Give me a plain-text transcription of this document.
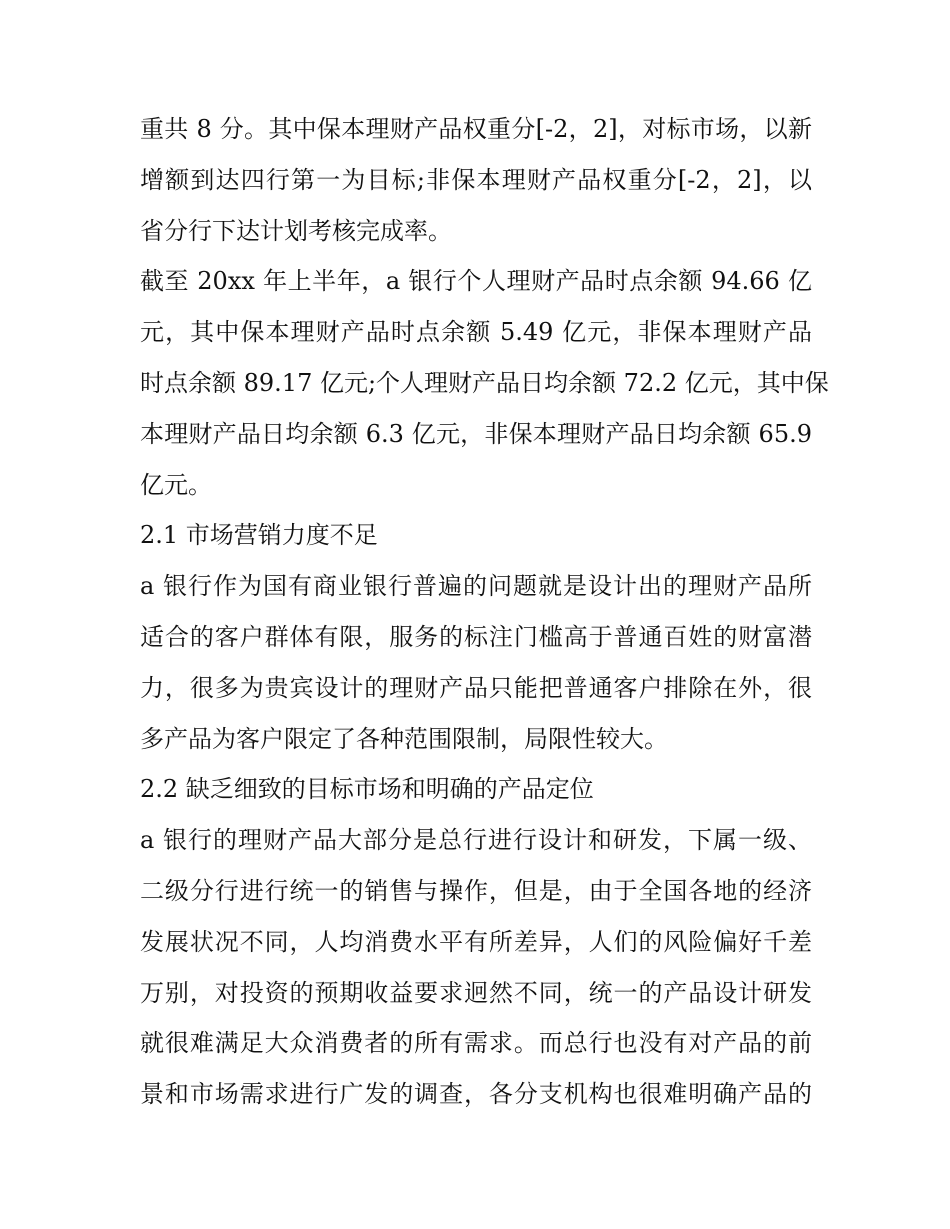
重共 8 分。其中保本理财产品权重分[-2，2]，对标市场，以新
增额到达四行第一为目标;非保本理财产品权重分[-2，2]，以
省分行下达计划考核完成率。

截至 20xx 年上半年，a 银行个人理财产品时点余额 94.66 亿
元，其中保本理财产品时点余额 5.49 亿元，非保本理财产品
时点余额 89.17 亿元;个人理财产品日均余额 72.2 亿元，其中保
本理财产品日均余额 6.3 亿元，非保本理财产品日均余额 65.9
亿元。

2.1 市场营销力度不足

a 银行作为国有商业银行普遍的问题就是设计出的理财产品所
适合的客户群体有限，服务的标注门槛高于普通百姓的财富潜
力，很多为贵宾设计的理财产品只能把普通客户排除在外，很
多产品为客户限定了各种范围限制，局限性较大。

2.2 缺乏细致的目标市场和明确的产品定位

a 银行的理财产品大部分是总行进行设计和研发，下属一级、
二级分行进行统一的销售与操作，但是，由于全国各地的经济
发展状况不同，人均消费水平有所差异，人们的风险偏好千差
万别，对投资的预期收益要求迥然不同，统一的产品设计研发
就很难满足大众消费者的所有需求。而总行也没有对产品的前
景和市场需求进行广发的调查，各分支机构也很难明确产品的
